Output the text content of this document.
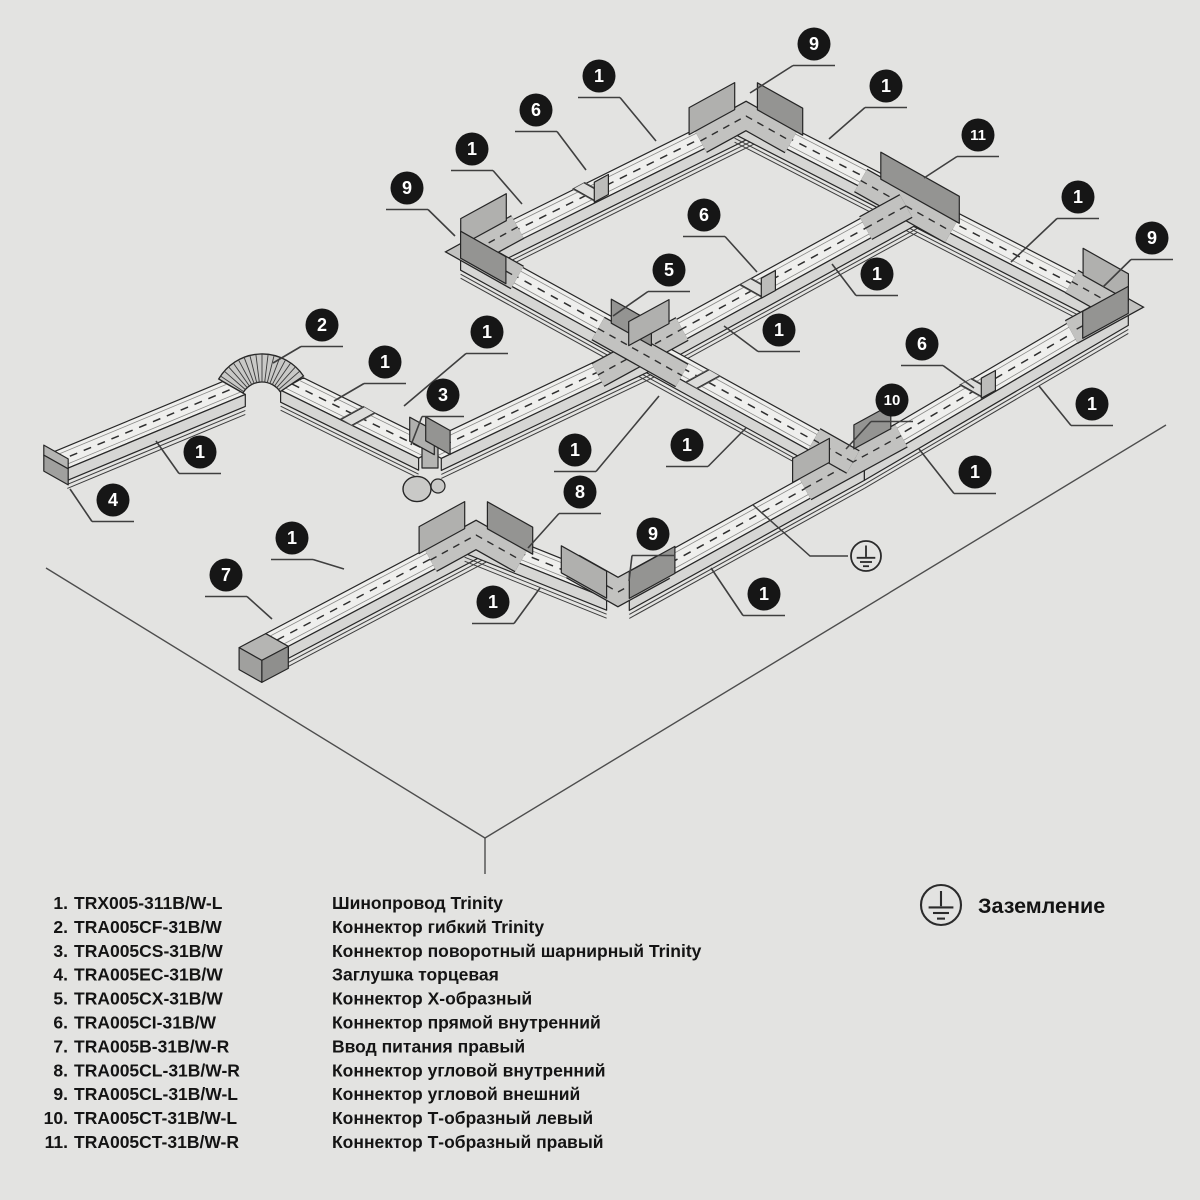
9
1
6
1
11
1
9	1
6
9
5	1
2	1	1
6
1
3	10	1
1	1	1
1
4	8
1	9
7
1	1
1. TRX005-311B/W-L	Шинопровод Trinity
2. TRA005CF-31B/W	Коннектор гибкий Trinity
3. TRA005CS-31B/W	Коннектор поворотный шарнирный Trinity
4. TRA005EC-31B/W	Заглушка торцевая
5. TRA005CX-31B/W	Коннектор X-образный
6. TRA005CI-31B/W	Коннектор прямой внутренний
7. TRA005B-31B/W-R	Ввод питания правый
8. TRA005CL-31B/W-R	Коннектор угловой внутренний
9. TRA005CL-31B/W-L	Коннектор угловой внешний
10. TRA005CT-31B/W-L	Коннектор Т-образный левый
11. TRA005CT-31B/W-R	Коннектор Т-образный правый
Заземление
